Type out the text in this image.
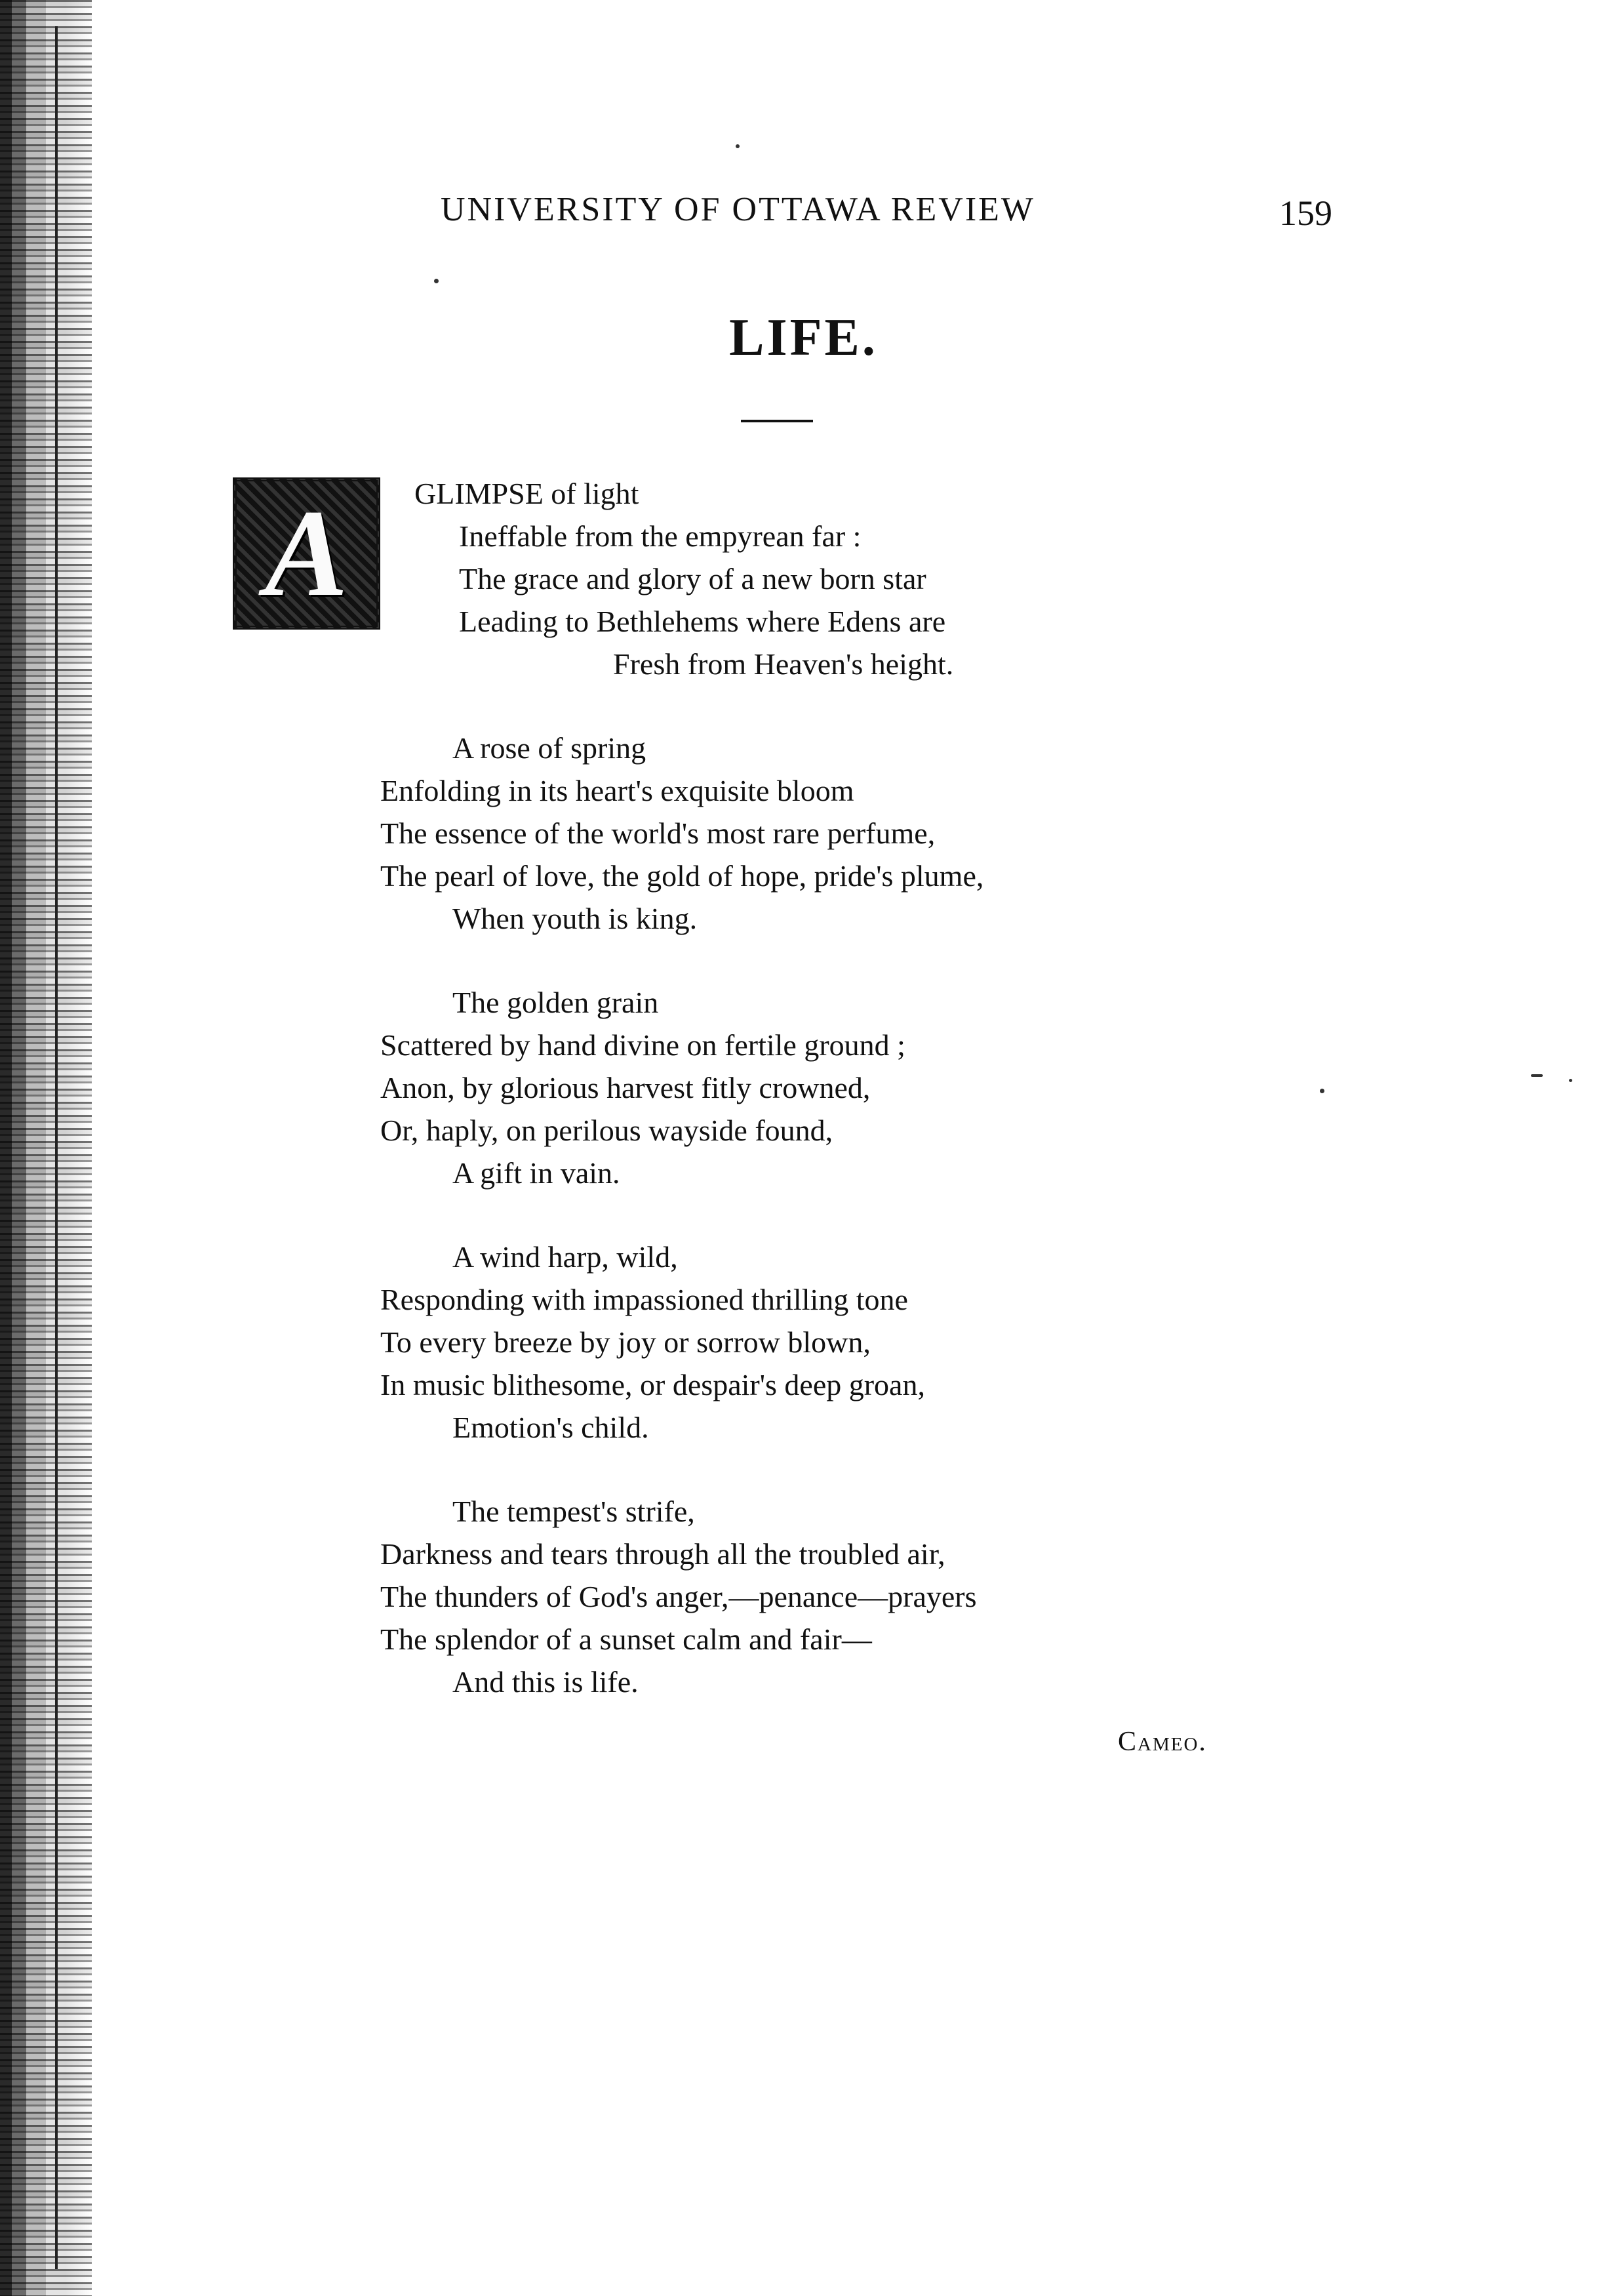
UNIVERSITY OF OTTAWA REVIEW	159
LIFE.
A	GLIMPSE of light
Ineffable from the empyrean far :
The grace and glory of a new born star
Leading to Bethlehems where Edens are
Fresh from Heaven's height.
A rose of spring
Enfolding in its heart's exquisite bloom
The essence of the world's most rare perfume,
The pearl of love, the gold of hope, pride's plume,
When youth is king.
The golden grain
Scattered by hand divine on fertile ground ;
Anon, by glorious harvest fitly crowned,
Or, haply, on perilous wayside found,
A gift in vain.
A wind harp, wild,
Responding with impassioned thrilling tone
To every breeze by joy or sorrow blown,
In music blithesome, or despair's deep groan,
Emotion's child.
The tempest's strife,
Darkness and tears through all the troubled air,
The thunders of God's anger,—penance—prayers
The splendor of a sunset calm and fair—
And this is life.
Cameo.
